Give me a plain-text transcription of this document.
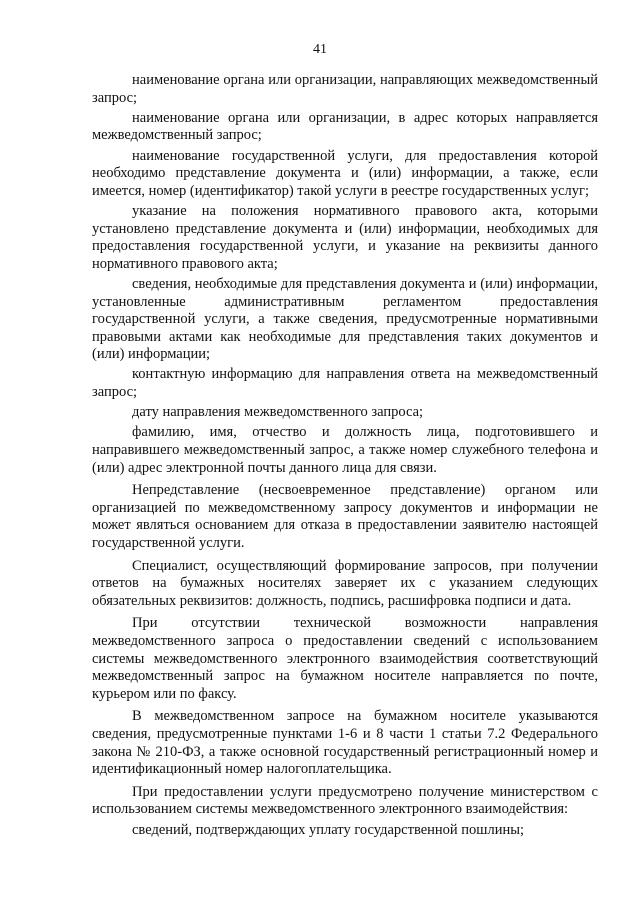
41

наименование органа или организации, направляющих межведомственный запрос;

наименование органа или организации, в адрес которых направляется межведомственный запрос;

наименование государственной услуги, для предоставления которой необходимо представление документа и (или) информации, а также, если имеется, номер (идентификатор) такой услуги в реестре государственных услуг;

указание на положения нормативного правового акта, которыми установлено представление документа и (или) информации, необходимых для предоставления государственной услуги, и указание на реквизиты данного нормативного правового акта;

сведения, необходимые для представления документа и (или) информации, установленные административным регламентом предоставления государственной услуги, а также сведения, предусмотренные нормативными правовыми актами как необходимые для представления таких документов и (или) информации;

контактную информацию для направления ответа на межведомственный запрос;

дату направления межведомственного запроса;

фамилию, имя, отчество и должность лица, подготовившего и направившего межведомственный запрос, а также номер служебного телефона и (или) адрес электронной почты данного лица для связи.

Непредставление (несвоевременное представление) органом или организацией по межведомственному запросу документов и информации не может являться основанием для отказа в предоставлении заявителю настоящей государственной услуги.

Специалист, осуществляющий формирование запросов, при получении ответов на бумажных носителях заверяет их с указанием следующих обязательных реквизитов: должность, подпись, расшифровка подписи и дата.

При отсутствии технической возможности направления межведомственного запроса о предоставлении сведений с использованием системы межведомственного электронного взаимодействия соответствующий межведомственный запрос на бумажном носителе направляется по почте, курьером или по факсу.

В межведомственном запросе на бумажном носителе указываются сведения, предусмотренные пунктами 1-6 и 8 части 1 статьи 7.2 Федерального закона № 210-ФЗ, а также основной государственный регистрационный номер и идентификационный номер налогоплательщика.

При предоставлении услуги предусмотрено получение министерством с использованием системы межведомственного электронного взаимодействия:

сведений, подтверждающих уплату государственной пошлины;
